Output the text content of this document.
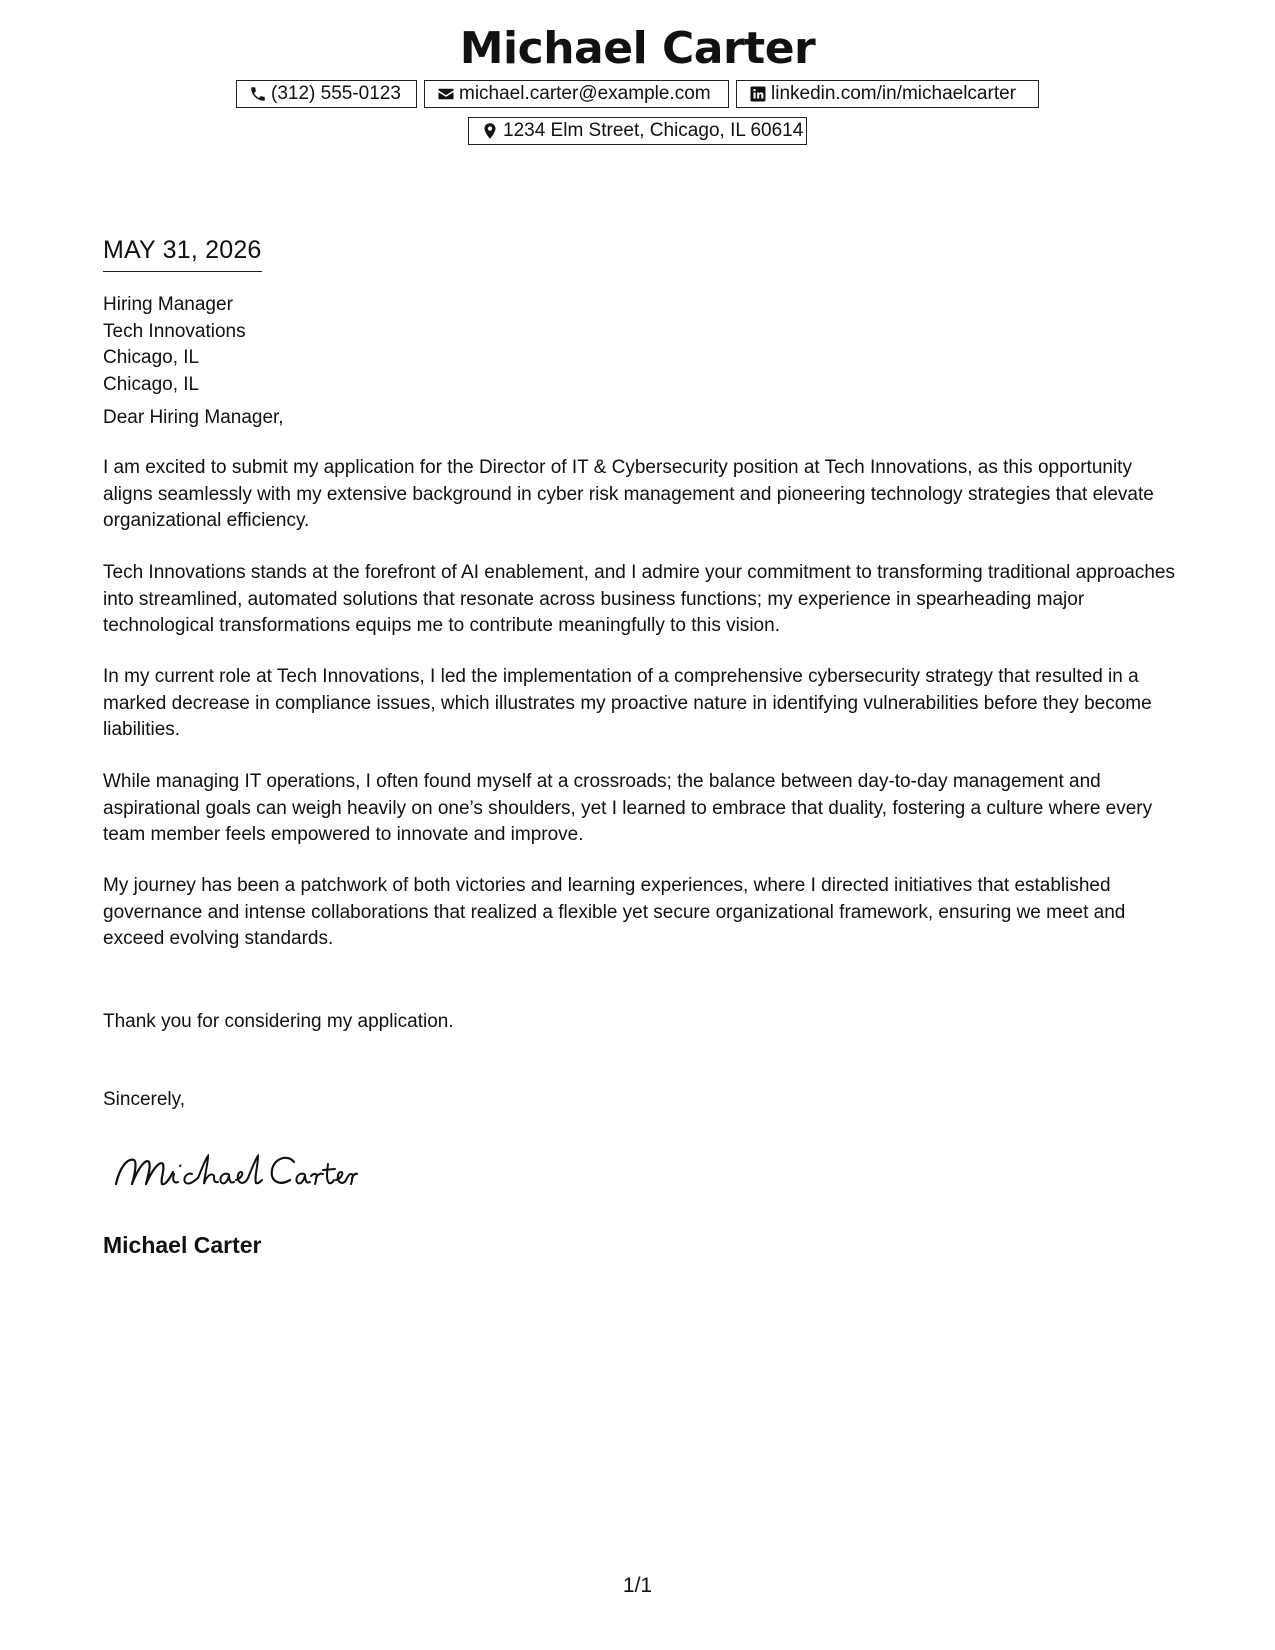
Michael Carter
(312) 555-0123	michael.carter@example.com	linkedin.com/in/michaelcarter
1234 Elm Street, Chicago, IL 60614
MAY 31, 2026
Hiring Manager
Tech Innovations
Chicago, IL
Chicago, IL

Dear Hiring Manager,

I am excited to submit my application for the Director of IT & Cybersecurity position at Tech Innovations, as this opportunity aligns seamlessly with my extensive background in cyber risk management and pioneering technology strategies that elevate organizational efficiency.

Tech Innovations stands at the forefront of AI enablement, and I admire your commitment to transforming traditional approaches into streamlined, automated solutions that resonate across business functions; my experience in spearheading major technological transformations equips me to contribute meaningfully to this vision.

In my current role at Tech Innovations, I led the implementation of a comprehensive cybersecurity strategy that resulted in a marked decrease in compliance issues, which illustrates my proactive nature in identifying vulnerabilities before they become liabilities.

While managing IT operations, I often found myself at a crossroads; the balance between day-to-day management and aspirational goals can weigh heavily on one’s shoulders, yet I learned to embrace that duality, fostering a culture where every team member feels empowered to innovate and improve.

My journey has been a patchwork of both victories and learning experiences, where I directed initiatives that established governance and intense collaborations that realized a flexible yet secure organizational framework, ensuring we meet and exceed evolving standards.

Thank you for considering my application.

Sincerely,
Michael Carter
1/1
